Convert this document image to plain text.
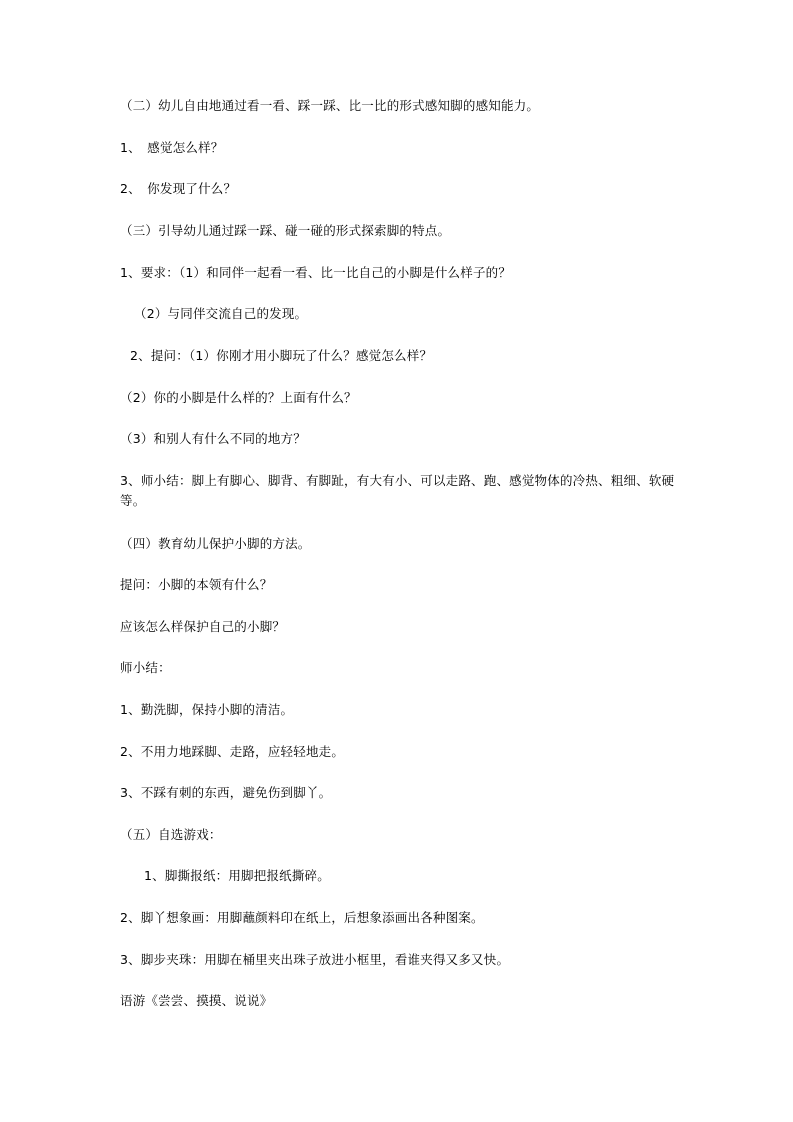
（二）幼儿自由地通过看一看、踩一踩、比一比的形式感知脚的感知能力。
1、　感觉怎么样？
2、　你发现了什么？
（三）引导幼儿通过踩一踩、碰一碰的形式探索脚的特点。
1、要求：（1）和同伴一起看一看、比一比自己的小脚是什么样子的？
（2）与同伴交流自己的发现。
2、提问：（1）你刚才用小脚玩了什么？感觉怎么样？
（2）你的小脚是什么样的？上面有什么？
（3）和别人有什么不同的地方？
3、师小结：脚上有脚心、脚背、有脚趾，有大有小、可以走路、跑、感觉物体的冷热、粗细、软硬等。
（四）教育幼儿保护小脚的方法。
提问：小脚的本领有什么？
应该怎么样保护自己的小脚？
师小结：
1、勤洗脚，保持小脚的清洁。
2、不用力地踩脚、走路，应轻轻地走。
3、不踩有刺的东西，避免伤到脚丫。
（五）自选游戏：
1、脚撕报纸：用脚把报纸撕碎。
2、脚丫想象画：用脚蘸颜料印在纸上，后想象添画出各种图案。
3、脚步夹珠：用脚在桶里夹出珠子放进小框里，看谁夹得又多又快。
语游《尝尝、摸摸、说说》
